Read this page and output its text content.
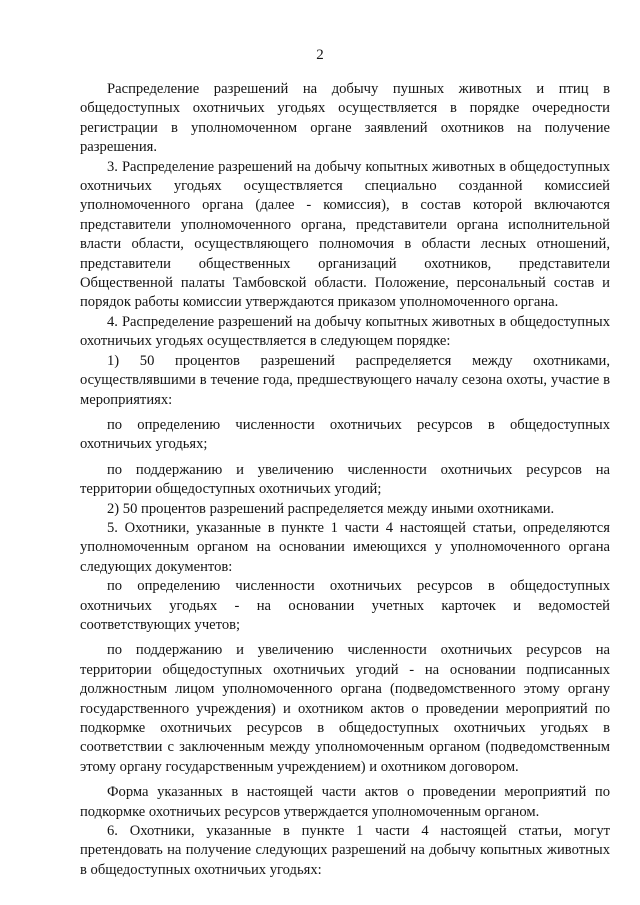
2

Распределение разрешений на добычу пушных животных и птиц в общедоступных охотничьих угодьях осуществляется в порядке очередности регистрации в уполномоченном органе заявлений охотников на получение разрешения.

3. Распределение разрешений на добычу копытных животных в общедоступных охотничьих угодьях осуществляется специально созданной комиссией уполномоченного органа (далее - комиссия), в состав которой включаются представители уполномоченного органа, представители органа исполнительной власти области, осуществляющего полномочия в области лесных отношений, представители общественных организаций охотников, представители Общественной палаты Тамбовской области. Положение, персональный состав и порядок работы комиссии утверждаются приказом уполномоченного органа.

4. Распределение разрешений на добычу копытных животных в общедоступных охотничьих угодьях осуществляется в следующем порядке:

1) 50 процентов разрешений распределяется между охотниками, осуществлявшими в течение года, предшествующего началу сезона охоты, участие в мероприятиях:

по определению численности охотничьих ресурсов в общедоступных охотничьих угодьях;

по поддержанию и увеличению численности охотничьих ресурсов на территории общедоступных охотничьих угодий;

2) 50 процентов разрешений распределяется между иными охотниками.

5. Охотники, указанные в пункте 1 части 4 настоящей статьи, определяются уполномоченным органом на основании имеющихся у уполномоченного органа следующих документов:

по определению численности охотничьих ресурсов в общедоступных охотничьих угодьях - на основании учетных карточек и ведомостей соответствующих учетов;

по поддержанию и увеличению численности охотничьих ресурсов на территории общедоступных охотничьих угодий - на основании подписанных должностным лицом уполномоченного органа (подведомственного этому органу государственного учреждения) и охотником актов о проведении мероприятий по подкормке охотничьих ресурсов в общедоступных охотничьих угодьях в соответствии с заключенным между уполномоченным органом (подведомственным этому органу государственным учреждением) и охотником договором.

Форма указанных в настоящей части актов о проведении мероприятий по подкормке охотничьих ресурсов утверждается уполномоченным органом.

6. Охотники, указанные в пункте 1 части 4 настоящей статьи, могут претендовать на получение следующих разрешений на добычу копытных животных в общедоступных охотничьих угодьях:
